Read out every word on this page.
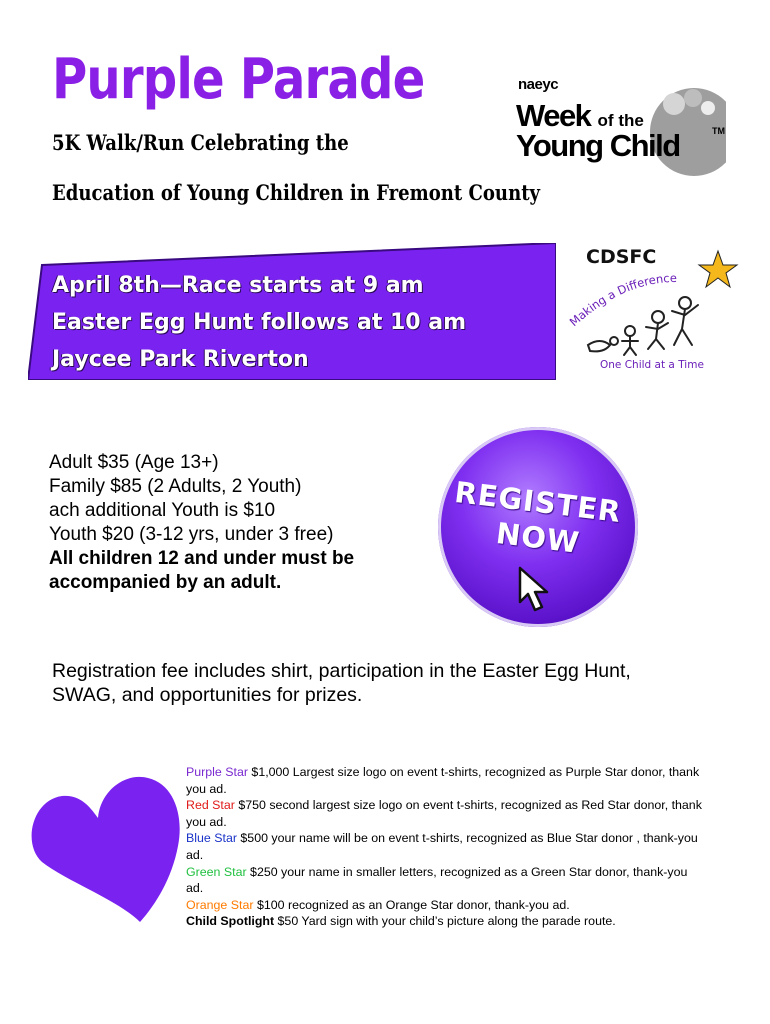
Purple Parade
5K Walk/Run Celebrating the
Education of Young Children in Fremont County
naeyc
Week of the
Young Child	TM
April 8th—Race starts at 9 am
Easter Egg Hunt follows at 10 am
Jaycee Park Riverton
Making a Difference
CDSFC
One Child at a Time
Adult $35 (Age 13+)
Family $85 (2 Adults, 2 Youth)
ach additional Youth is $10
Youth $20 (3-12 yrs, under 3 free)
All children 12 and under must be
accompanied by an adult.
REGISTER
NOW
Registration fee includes shirt, participation in the Easter Egg Hunt, SWAG, and opportunities for prizes.

Purple Star $1,000 Largest size logo on event t-shirts, recognized as Purple Star donor, thank you ad.

Red Star $750 second largest size logo on event t-shirts, recognized as Red Star donor, thank you ad.

Blue Star $500 your name will be on event t-shirts, recognized as Blue Star donor , thank-you ad.

Green Star $250 your name in smaller letters, recognized as a Green Star donor, thank-you ad.

Orange Star $100 recognized as an Orange Star donor, thank-you ad.

Child Spotlight $50 Yard sign with your child’s picture along the parade route.
